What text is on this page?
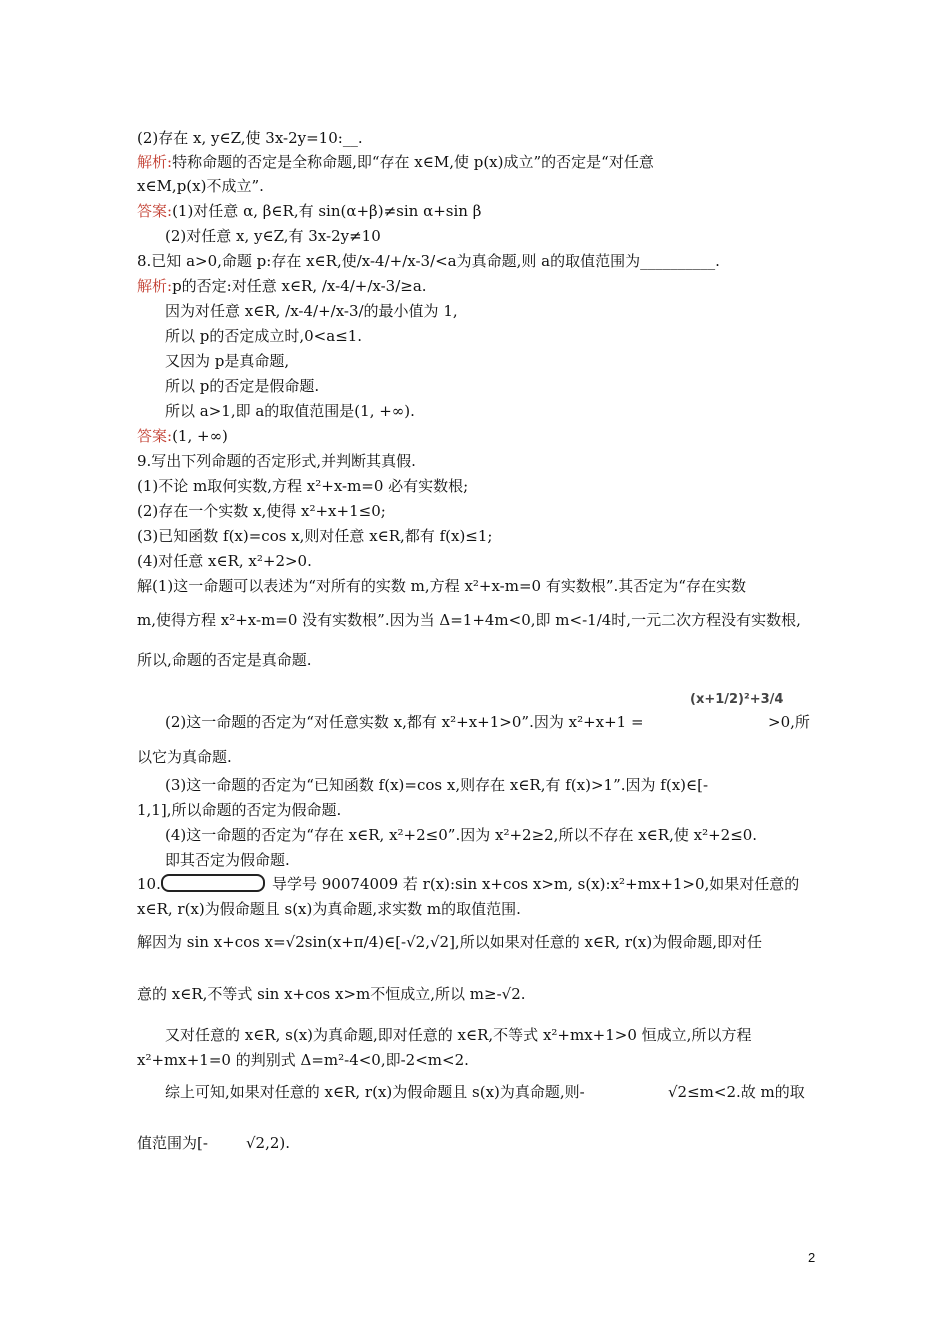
(2)存在 x, y∈Z,使 3x-2y=10:__.
解析:特称命题的否定是全称命题,即“存在 x∈M,使 p(x)成立”的否定是“对任意
x∈M,p(x)不成立”.
答案:(1)对任意 α, β∈R,有 sin(α+β)≠sin α+sin β
(2)对任意 x, y∈Z,有 3x-2y≠10
8.已知 a>0,命题 p:存在 x∈R,使/x-4/+/x-3/<a为真命题,则 a的取值范围为__________.
解析:p的否定:对任意 x∈R, /x-4/+/x-3/≥a.
因为对任意 x∈R, /x-4/+/x-3/的最小值为 1,
所以 p的否定成立时,0<a≤1.
又因为 p是真命题,
所以 p的否定是假命题.
所以 a>1,即 a的取值范围是(1, +∞).
答案:(1, +∞)
9.写出下列命题的否定形式,并判断其真假.
(1)不论 m取何实数,方程 x²+x-m=0 必有实数根;
(2)存在一个实数 x,使得 x²+x+1≤0;
(3)已知函数 f(x)=cos x,则对任意 x∈R,都有 f(x)≤1;
(4)对任意 x∈R, x²+2>0.
解(1)这一命题可以表述为“对所有的实数 m,方程 x²+x-m=0 有实数根”.其否定为“存在实数
m,使得方程 x²+x-m=0 没有实数根”.因为当 Δ=1+4m<0,即 m<-1/4时,一元二次方程没有实数根,
所以,命题的否定是真命题.
(x+1/2)²+3/4
(2)这一命题的否定为“对任意实数 x,都有 x²+x+1>0”.因为 x²+x+1 =	>0,所
以它为真命题.
(3)这一命题的否定为“已知函数 f(x)=cos x,则存在 x∈R,有 f(x)>1”.因为 f(x)∈[-
1,1],所以命题的否定为假命题.
(4)这一命题的否定为“存在 x∈R, x²+2≤0”.因为 x²+2≥2,所以不存在 x∈R,使 x²+2≤0.
即其否定为假命题.
10.	导学号 90074009 若 r(x):sin x+cos x>m, s(x):x²+mx+1>0,如果对任意的
x∈R, r(x)为假命题且 s(x)为真命题,求实数 m的取值范围.
解因为 sin x+cos x=√2sin(x+π/4)∈[-√2,√2],所以如果对任意的 x∈R, r(x)为假命题,即对任
意的 x∈R,不等式 sin x+cos x>m不恒成立,所以 m≥-√2.
又对任意的 x∈R, s(x)为真命题,即对任意的 x∈R,不等式 x²+mx+1>0 恒成立,所以方程
x²+mx+1=0 的判别式 Δ=m²-4<0,即-2<m<2.
综上可知,如果对任意的 x∈R, r(x)为假命题且 s(x)为真命题,则-	√2≤m<2.故 m的取
值范围为[-	√2,2).
2
